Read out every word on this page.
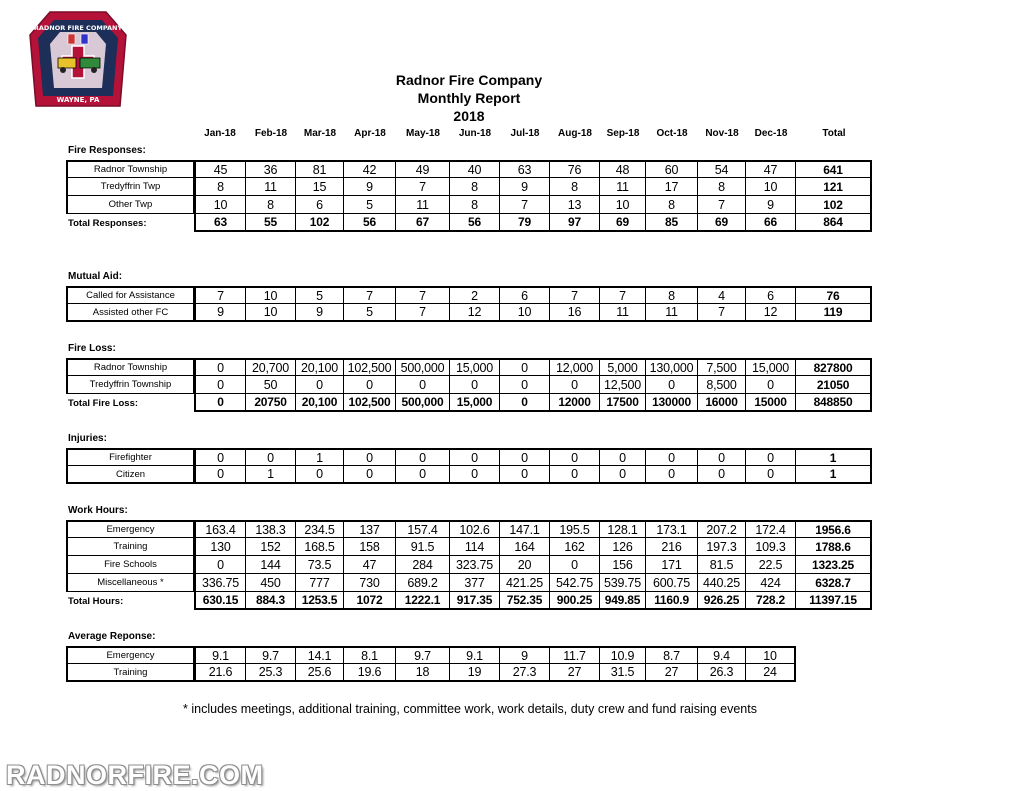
RADNOR FIRE COMPANY
WAYNE, PA
Radnor Fire Company
Monthly Report
2018
Jan-18	Feb-18	Mar-18	Apr-18	May-18	Jun-18	Jul-18	Aug-18	Sep-18	Oct-18	Nov-18	Dec-18	Total
Fire Responses:
Radnor Township	45	36	81	42	49	40	63	76	48	60	54	47	641
Tredyffrin Twp	8	11	15	9	7	8	9	8	11	17	8	10	121
Other Twp	10	8	6	5	11	8	7	13	10	8	7	9	102
Total Responses:	63	55	102	56	67	56	79	97	69	85	69	66	864
Mutual Aid:
Called for Assistance	7	10	5	7	7	2	6	7	7	8	4	6	76
Assisted other FC	9	10	9	5	7	12	10	16	11	11	7	12	119
Fire Loss:
Radnor Township	0	20,700 20,100 102,500 500,000 15,000	0	12,000	5,000 130,000	7,500	15,000	827800
Tredyffrin Township	0	50	0	0	0	0	0	0	12,500	0	8,500	0	21050
Total Fire Loss:	0	20750	20,100 102,500 500,000	15,000	0	12000	17500	130000	16000	15000	848850
Injuries:
Firefighter	0	0	1	0	0	0	0	0	0	0	0	0	1
Citizen	0	1	0	0	0	0	0	0	0	0	0	0	1
Work Hours:
Emergency	163.4	138.3	234.5	137	157.4	102.6	147.1	195.5	128.1	173.1	207.2	172.4	1956.6
Training	130	152	168.5	158	91.5	114	164	162	126	216	197.3	109.3	1788.6
Fire Schools	0	144	73.5	47	284	323.75	20	0	156	171	81.5	22.5	1323.25
Miscellaneous *	336.75	450	777	730	689.2	377	421.25	542.75 539.75 600.75	440.25	424	6328.7
Total Hours:	630.15	884.3	1253.5	1072	1222.1	917.35	752.35	900.25	949.85	1160.9	926.25	728.2	11397.15
Average Reponse:
Emergency	9.1	9.7	14.1	8.1	9.7	9.1	9	11.7	10.9	8.7	9.4	10
Training	21.6	25.3	25.6	19.6	18	19	27.3	27	31.5	27	26.3	24
* includes meetings, additional training, committee work, work details, duty crew and fund raising events
RADNORFIRE.COM
